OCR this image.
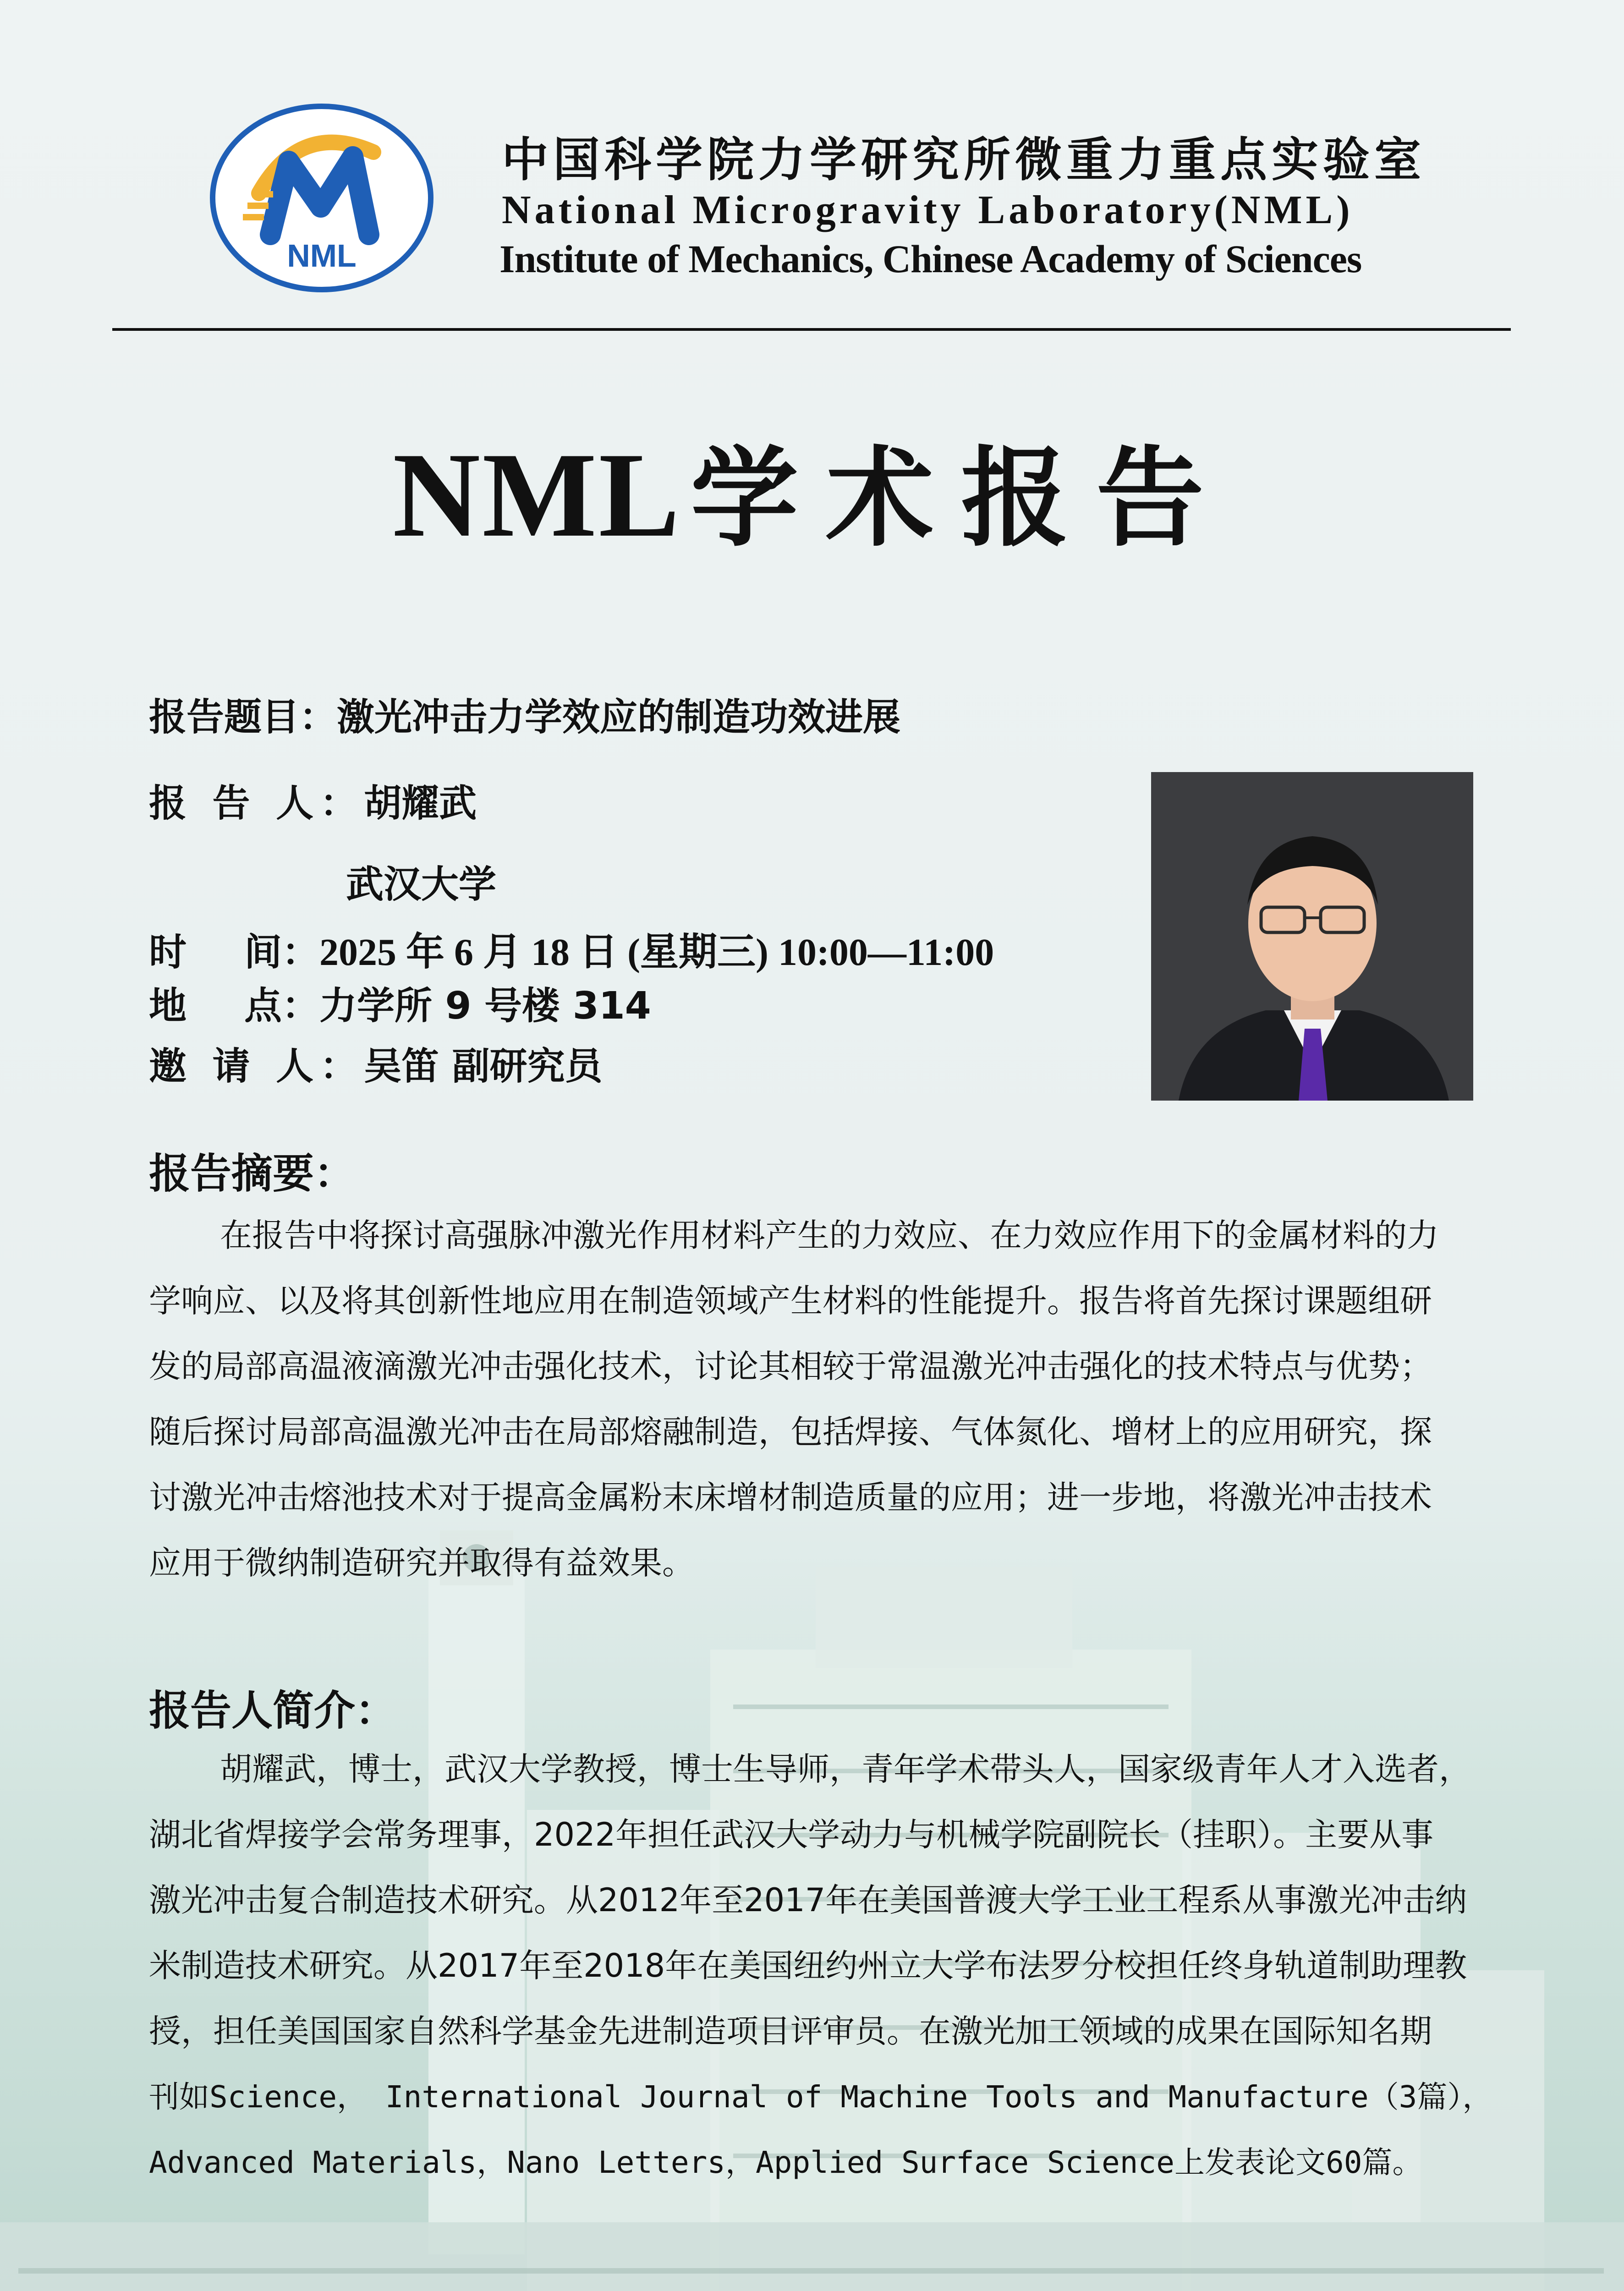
NML
中国科学院力学研究所微重力重点实验室
National Microgravity Laboratory(NML)
Institute of Mechanics, Chinese Academy of Sciences
NML学术报告
报告题目：激光冲击力学效应的制造功效进展
报 告 人：胡耀武
武汉大学
时 间： 2025 年 6 月 18 日 (星期三) 10:00—11:00
地 点： 力学所 9 号楼 314
邀 请 人：吴笛 副研究员
报告摘要：
在报告中将探讨高强脉冲激光作用材料产生的力效应、在力效应作用下的金属材料的力
学响应、以及将其创新性地应用在制造领域产生材料的性能提升。报告将首先探讨课题组研
发的局部高温液滴激光冲击强化技术，讨论其相较于常温激光冲击强化的技术特点与优势；
随后探讨局部高温激光冲击在局部熔融制造，包括焊接、气体氮化、增材上的应用研究，探
讨激光冲击熔池技术对于提高金属粉末床增材制造质量的应用；进一步地，将激光冲击技术
应用于微纳制造研究并取得有益效果。
报告人简介：
胡耀武，博士，武汉大学教授，博士生导师，青年学术带头人，国家级青年人才入选者，
湖北省焊接学会常务理事，2022年担任武汉大学动力与机械学院副院长（挂职）。主要从事
激光冲击复合制造技术研究。从2012年至2017年在美国普渡大学工业工程系从事激光冲击纳
米制造技术研究。从2017年至2018年在美国纽约州立大学布法罗分校担任终身轨道制助理教
授，担任美国国家自然科学基金先进制造项目评审员。在激光加工领域的成果在国际知名期
刊如Science， International Journal of Machine Tools and Manufacture（3篇），
Advanced Materials，Nano Letters，Applied Surface Science上发表论文60篇。
